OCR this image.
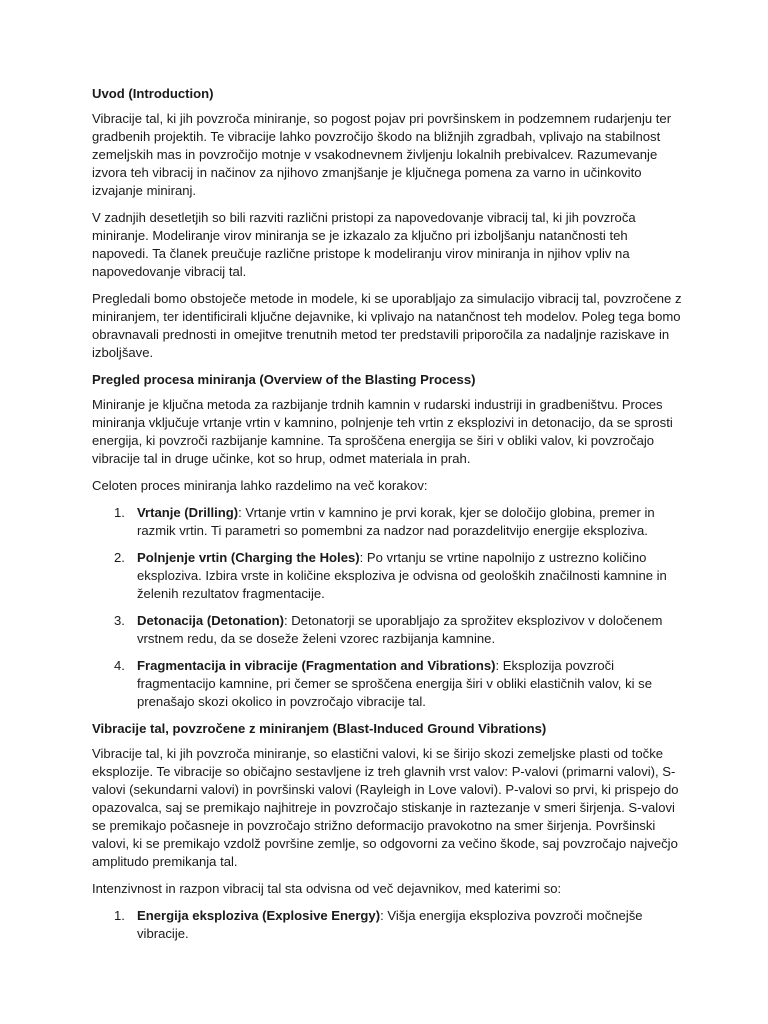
Uvod (Introduction)

Vibracije tal, ki jih povzroča miniranje, so pogost pojav pri površinskem in podzemnem rudarjenju ter gradbenih projektih. Te vibracije lahko povzročijo škodo na bližnjih zgradbah, vplivajo na stabilnost zemeljskih mas in povzročijo motnje v vsakodnevnem življenju lokalnih prebivalcev. Razumevanje izvora teh vibracij in načinov za njihovo zmanjšanje je ključnega pomena za varno in učinkovito izvajanje miniranj.

V zadnjih desetletjih so bili razviti različni pristopi za napovedovanje vibracij tal, ki jih povzroča miniranje. Modeliranje virov miniranja se je izkazalo za ključno pri izboljšanju natančnosti teh napovedi. Ta članek preučuje različne pristope k modeliranju virov miniranja in njihov vpliv na napovedovanje vibracij tal.

Pregledali bomo obstoječe metode in modele, ki se uporabljajo za simulacijo vibracij tal, povzročene z miniranjem, ter identificirali ključne dejavnike, ki vplivajo na natančnost teh modelov. Poleg tega bomo obravnavali prednosti in omejitve trenutnih metod ter predstavili priporočila za nadaljnje raziskave in izboljšave.

Pregled procesa miniranja (Overview of the Blasting Process)

Miniranje je ključna metoda za razbijanje trdnih kamnin v rudarski industriji in gradbeništvu. Proces miniranja vključuje vrtanje vrtin v kamnino, polnjenje teh vrtin z eksplozivi in detonacijo, da se sprosti energija, ki povzroči razbijanje kamnine. Ta sproščena energija se širi v obliki valov, ki povzročajo vibracije tal in druge učinke, kot so hrup, odmet materiala in prah.

Celoten proces miniranja lahko razdelimo na več korakov:

1. Vrtanje (Drilling): Vrtanje vrtin v kamnino je prvi korak, kjer se določijo globina, premer in razmik vrtin. Ti parametri so pomembni za nadzor nad porazdelitvijo energije eksploziva.
2. Polnjenje vrtin (Charging the Holes): Po vrtanju se vrtine napolnijo z ustrezno količino eksploziva. Izbira vrste in količine eksploziva je odvisna od geoloških značilnosti kamnine in želenih rezultatov fragmentacije.
3. Detonacija (Detonation): Detonatorji se uporabljajo za sprožitev eksplozivov v določenem vrstnem redu, da se doseže želeni vzorec razbijanja kamnine.
4. Fragmentacija in vibracije (Fragmentation and Vibrations): Eksplozija povzroči fragmentacijo kamnine, pri čemer se sproščena energija širi v obliki elastičnih valov, ki se prenašajo skozi okolico in povzročajo vibracije tal.
Vibracije tal, povzročene z miniranjem (Blast-Induced Ground Vibrations)

Vibracije tal, ki jih povzroča miniranje, so elastični valovi, ki se širijo skozi zemeljske plasti od točke eksplozije. Te vibracije so običajno sestavljene iz treh glavnih vrst valov: P-valovi (primarni valovi), S-valovi (sekundarni valovi) in površinski valovi (Rayleigh in Love valovi). P-valovi so prvi, ki prispejo do opazovalca, saj se premikajo najhitreje in povzročajo stiskanje in raztezanje v smeri širjenja. S-valovi se premikajo počasneje in povzročajo strižno deformacijo pravokotno na smer širjenja. Površinski valovi, ki se premikajo vzdolž površine zemlje, so odgovorni za večino škode, saj povzročajo največjo amplitudo premikanja tal.

Intenzivnost in razpon vibracij tal sta odvisna od več dejavnikov, med katerimi so:

1. Energija eksploziva (Explosive Energy): Višja energija eksploziva povzroči močnejše vibracije.
